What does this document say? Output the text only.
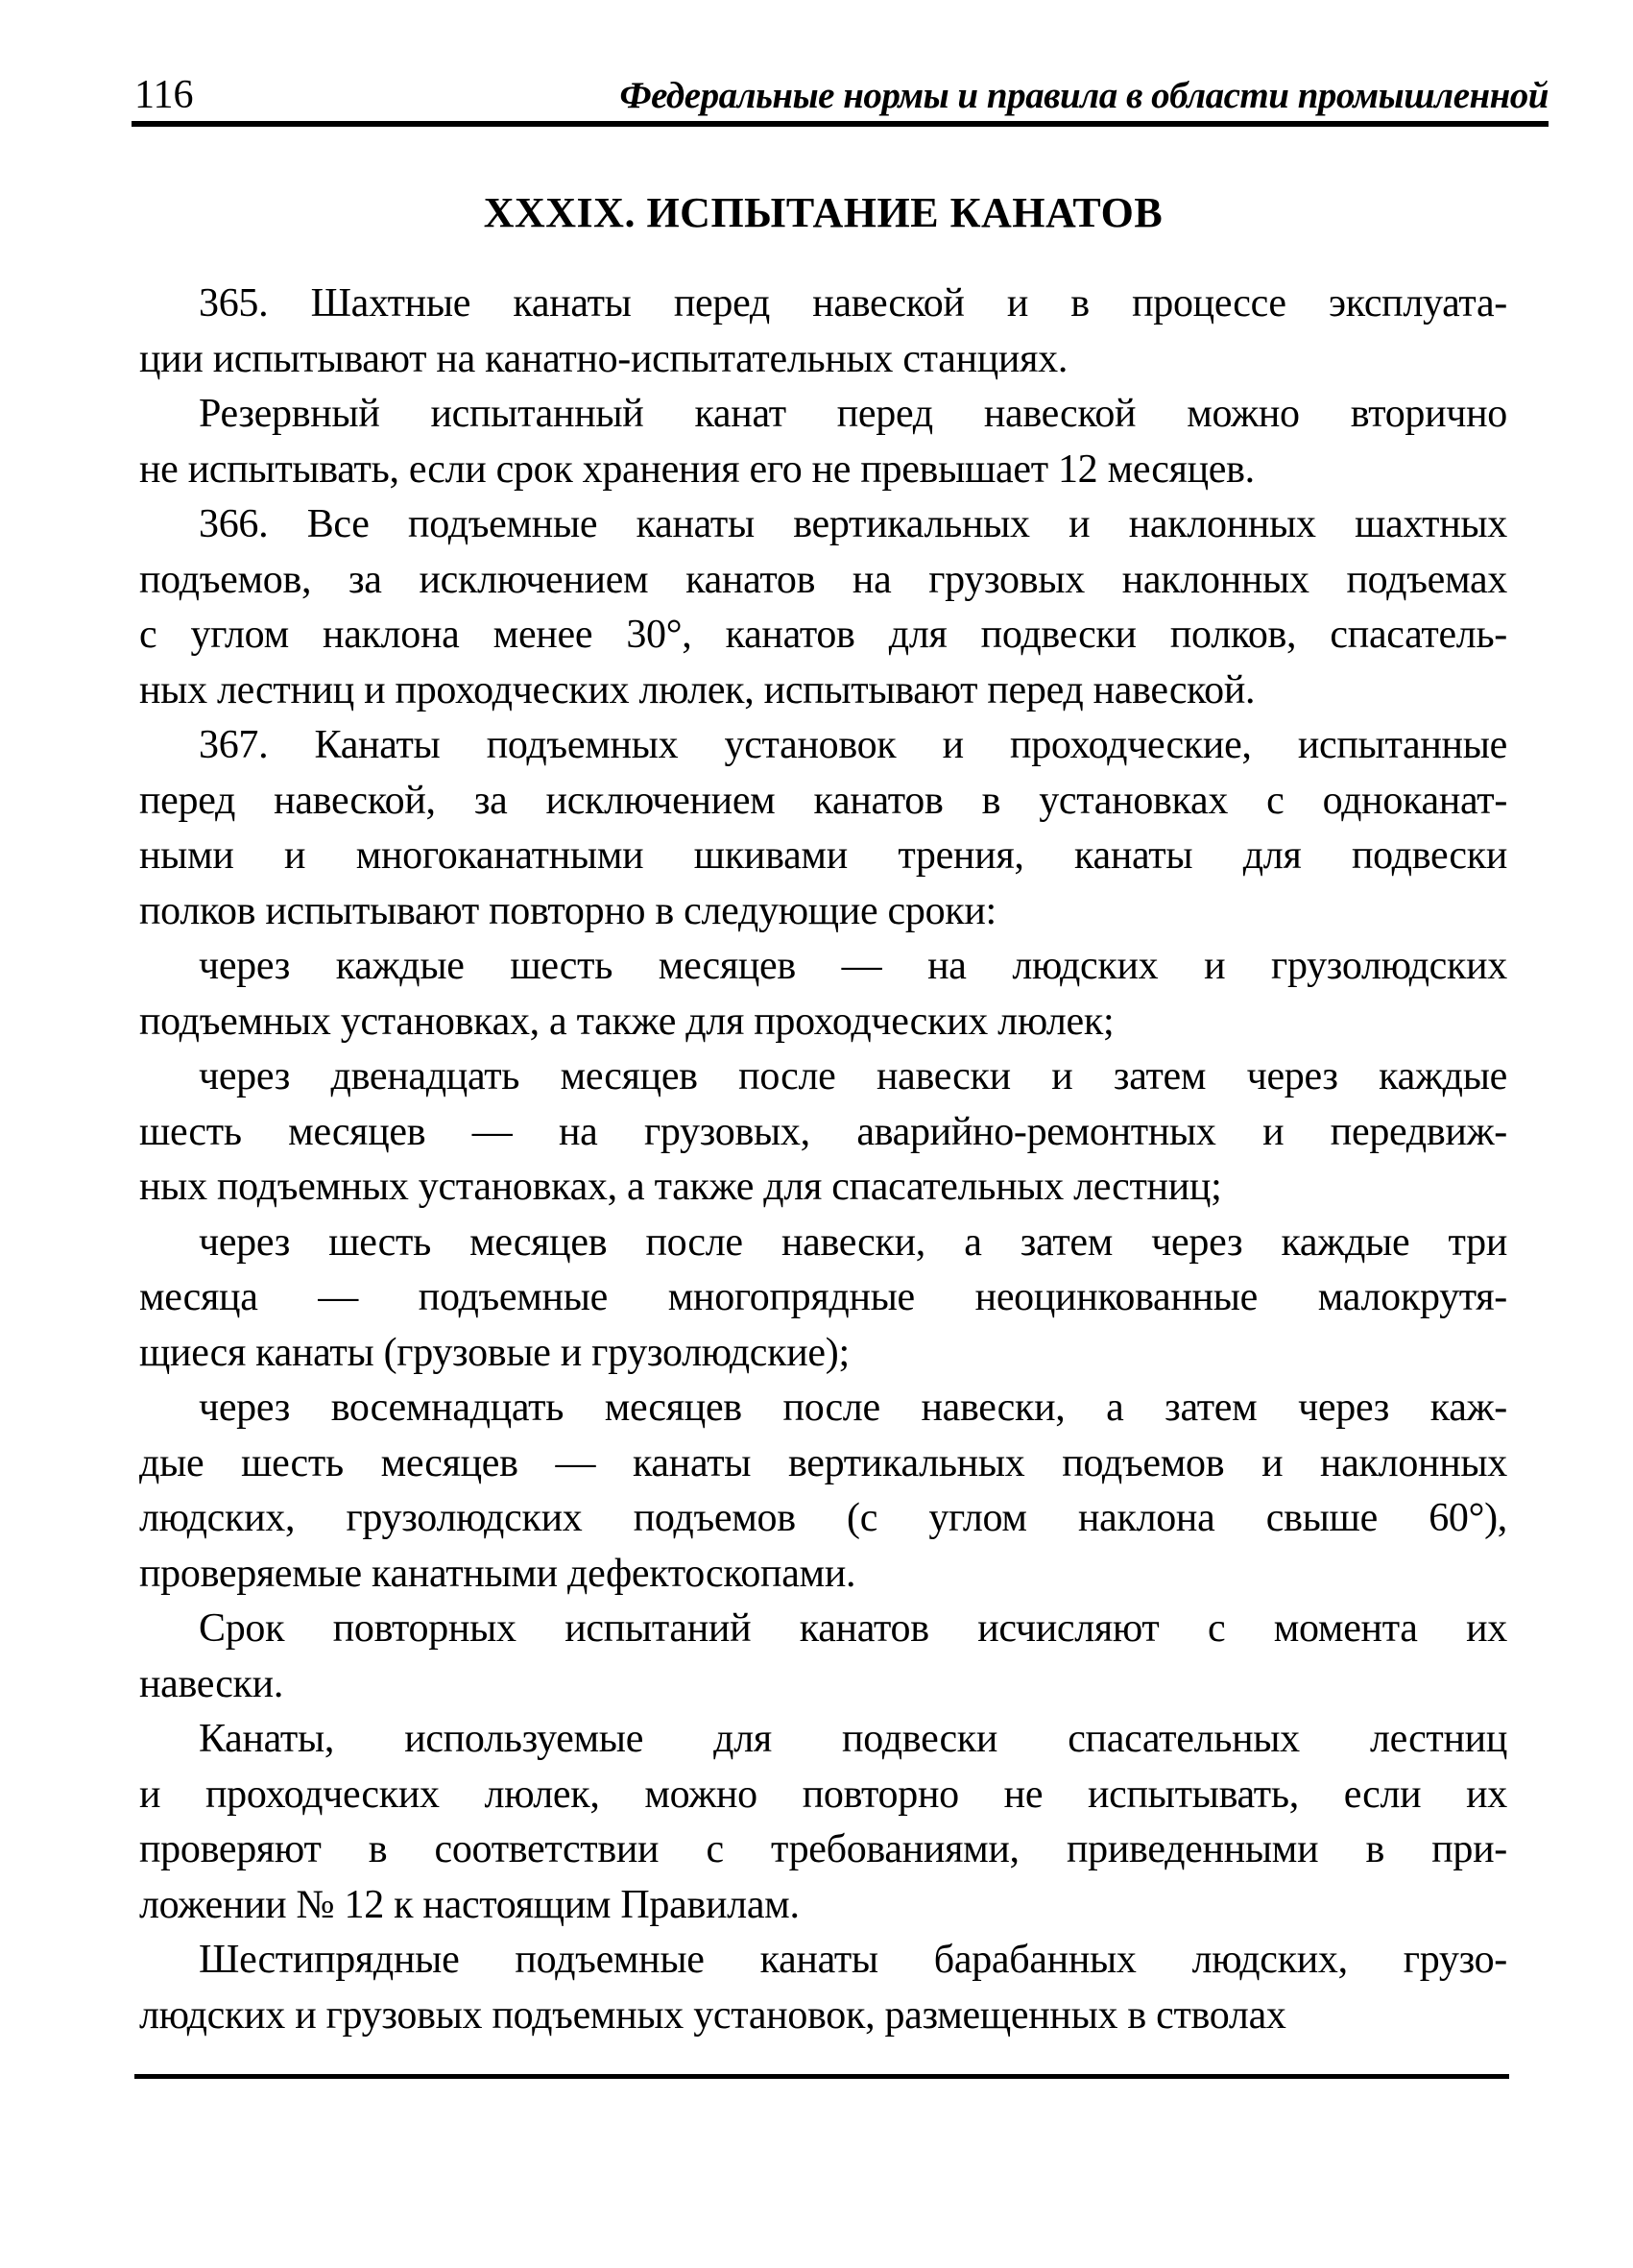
116	Федеральные нормы и правила в области промышленной
XXXIX. ИСПЫТАНИЕ КАНАТОВ
365. Шахтные канаты перед навеской и в процессе эксплуата-
ции испытывают на канатно-испытательных станциях.
Резервный испытанный канат перед навеской можно вторично
не испытывать, если срок хранения его не превышает 12 месяцев.
366. Все подъемные канаты вертикальных и наклонных шахтных
подъемов, за исключением канатов на грузовых наклонных подъемах
с углом наклона менее 30°, канатов для подвески полков, спасатель-
ных лестниц и проходческих люлек, испытывают перед навеской.
367. Канаты подъемных установок и проходческие, испытанные
перед навеской, за исключением канатов в установках с одноканат-
ными и многоканатными шкивами трения, канаты для подвески
полков испытывают повторно в следующие сроки:
через каждые шесть месяцев — на людских и грузолюдских
подъемных установках, а также для проходческих люлек;
через двенадцать месяцев после навески и затем через каждые
шесть месяцев — на грузовых, аварийно-ремонтных и передвиж-
ных подъемных установках, а также для спасательных лестниц;
через шесть месяцев после навески, а затем через каждые три
месяца — подъемные многопрядные неоцинкованные малокрутя-
щиеся канаты (грузовые и грузолюдские);
через восемнадцать месяцев после навески, а затем через каж-
дые шесть месяцев — канаты вертикальных подъемов и наклонных
людских, грузолюдских подъемов (с углом наклона свыше 60°),
проверяемые канатными дефектоскопами.
Срок повторных испытаний канатов исчисляют с момента их
навески.
Канаты, используемые для подвески спасательных лестниц
и проходческих люлек, можно повторно не испытывать, если их
проверяют в соответствии с требованиями, приведенными в при-
ложении № 12 к настоящим Правилам.
Шестипрядные подъемные канаты барабанных людских, грузо-
людских и грузовых подъемных установок, размещенных в стволах
